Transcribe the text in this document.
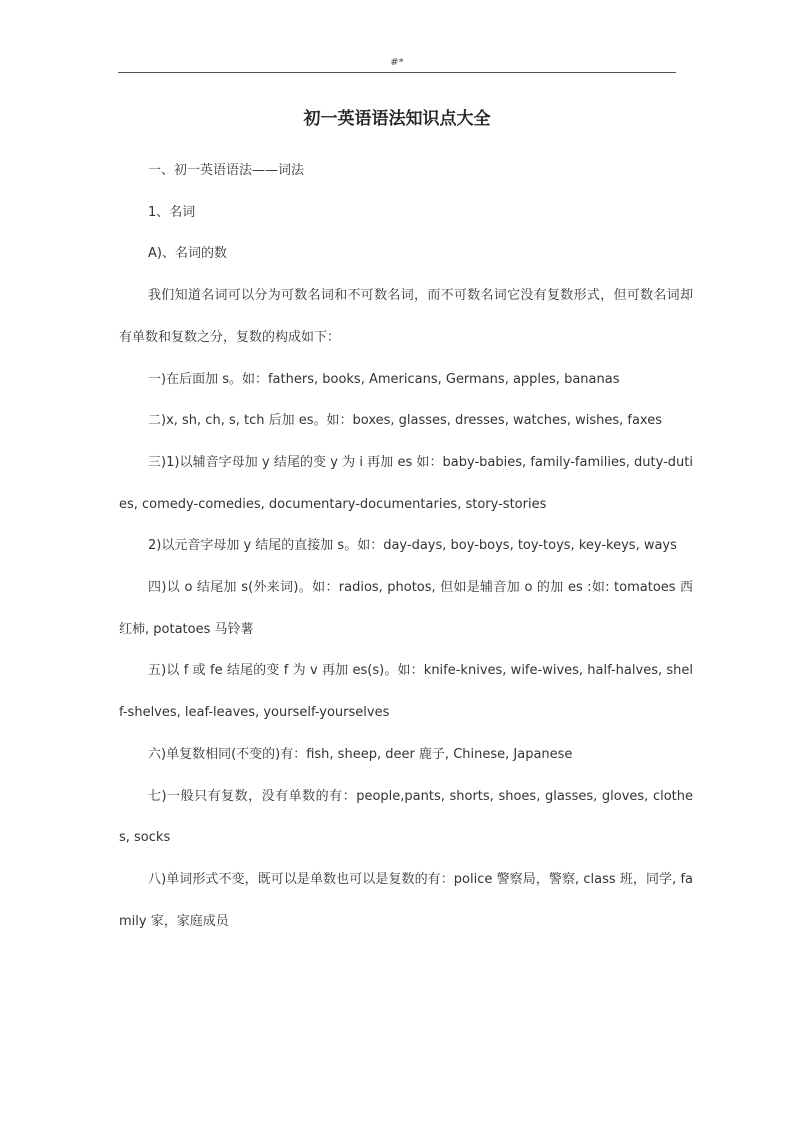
#*
初一英语语法知识点大全

一、初一英语语法——词法

1、名词

A)、名词的数

我们知道名词可以分为可数名词和不可数名词，而不可数名词它没有复数形式，但可数名词却有单数和复数之分，复数的构成如下：

一)在后面加 s。如：fathers, books, Americans, Germans, apples, bananas

二)x, sh, ch, s, tch 后加 es。如：boxes, glasses, dresses, watches, wishes, faxes

三)1)以辅音字母加 y 结尾的变 y 为 i 再加 es 如：baby-babies, family-families, duty-duties, comedy-comedies, documentary-documentaries, story-stories

2)以元音字母加 y 结尾的直接加 s。如：day-days, boy-boys, toy-toys, key-keys, ways

四)以 o 结尾加 s(外来词)。如：radios, photos, 但如是辅音加 o 的加 es :如: tomatoes 西红柿, potatoes 马铃薯

五)以 f 或 fe 结尾的变 f 为 v 再加 es(s)。如：knife-knives, wife-wives, half-halves, shelf-shelves, leaf-leaves, yourself-yourselves

六)单复数相同(不变的)有：fish, sheep, deer 鹿子, Chinese, Japanese

七)一般只有复数，没有单数的有：people,pants, shorts, shoes, glasses, gloves, clothes, socks

八)单词形式不变，既可以是单数也可以是复数的有：police 警察局，警察, class 班，同学, family 家，家庭成员
